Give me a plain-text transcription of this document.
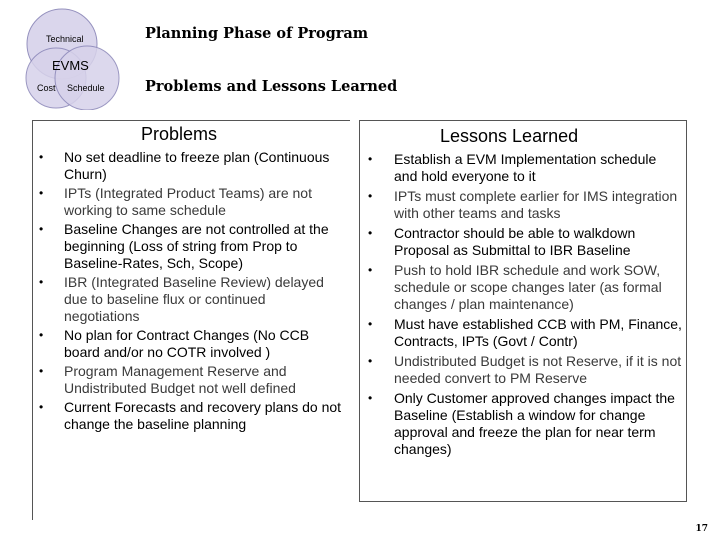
Technical
EVMS
Cost Schedule
Planning Phase of Program
Problems and Lessons Learned
Problems
• No set deadline to freeze plan (Continuous Churn)
• IPTs (Integrated Product Teams) are not working to same schedule
• Baseline Changes are not controlled at the beginning (Loss of string from Prop to Baseline-Rates, Sch, Scope)
• IBR (Integrated Baseline Review) delayed due to baseline flux or continued negotiations
• No plan for Contract Changes (No CCB board and/or no COTR involved )
• Program Management Reserve and Undistributed Budget not well defined
• Current Forecasts and recovery plans do not change the baseline planning
Lessons Learned
• Establish a EVM Implementation schedule and hold everyone to it
• IPTs must complete earlier for IMS integration with other teams and tasks
• Contractor should be able to walkdown Proposal as Submittal to IBR Baseline
• Push to hold IBR schedule and work SOW, schedule or scope changes later (as formal changes / plan maintenance)
• Must have established CCB with PM, Finance, Contracts, IPTs (Govt / Contr)
• Undistributed Budget is not Reserve, if it is not needed convert to PM Reserve
• Only Customer approved changes impact the Baseline (Establish a window for change approval and freeze the plan for near term changes)
17
